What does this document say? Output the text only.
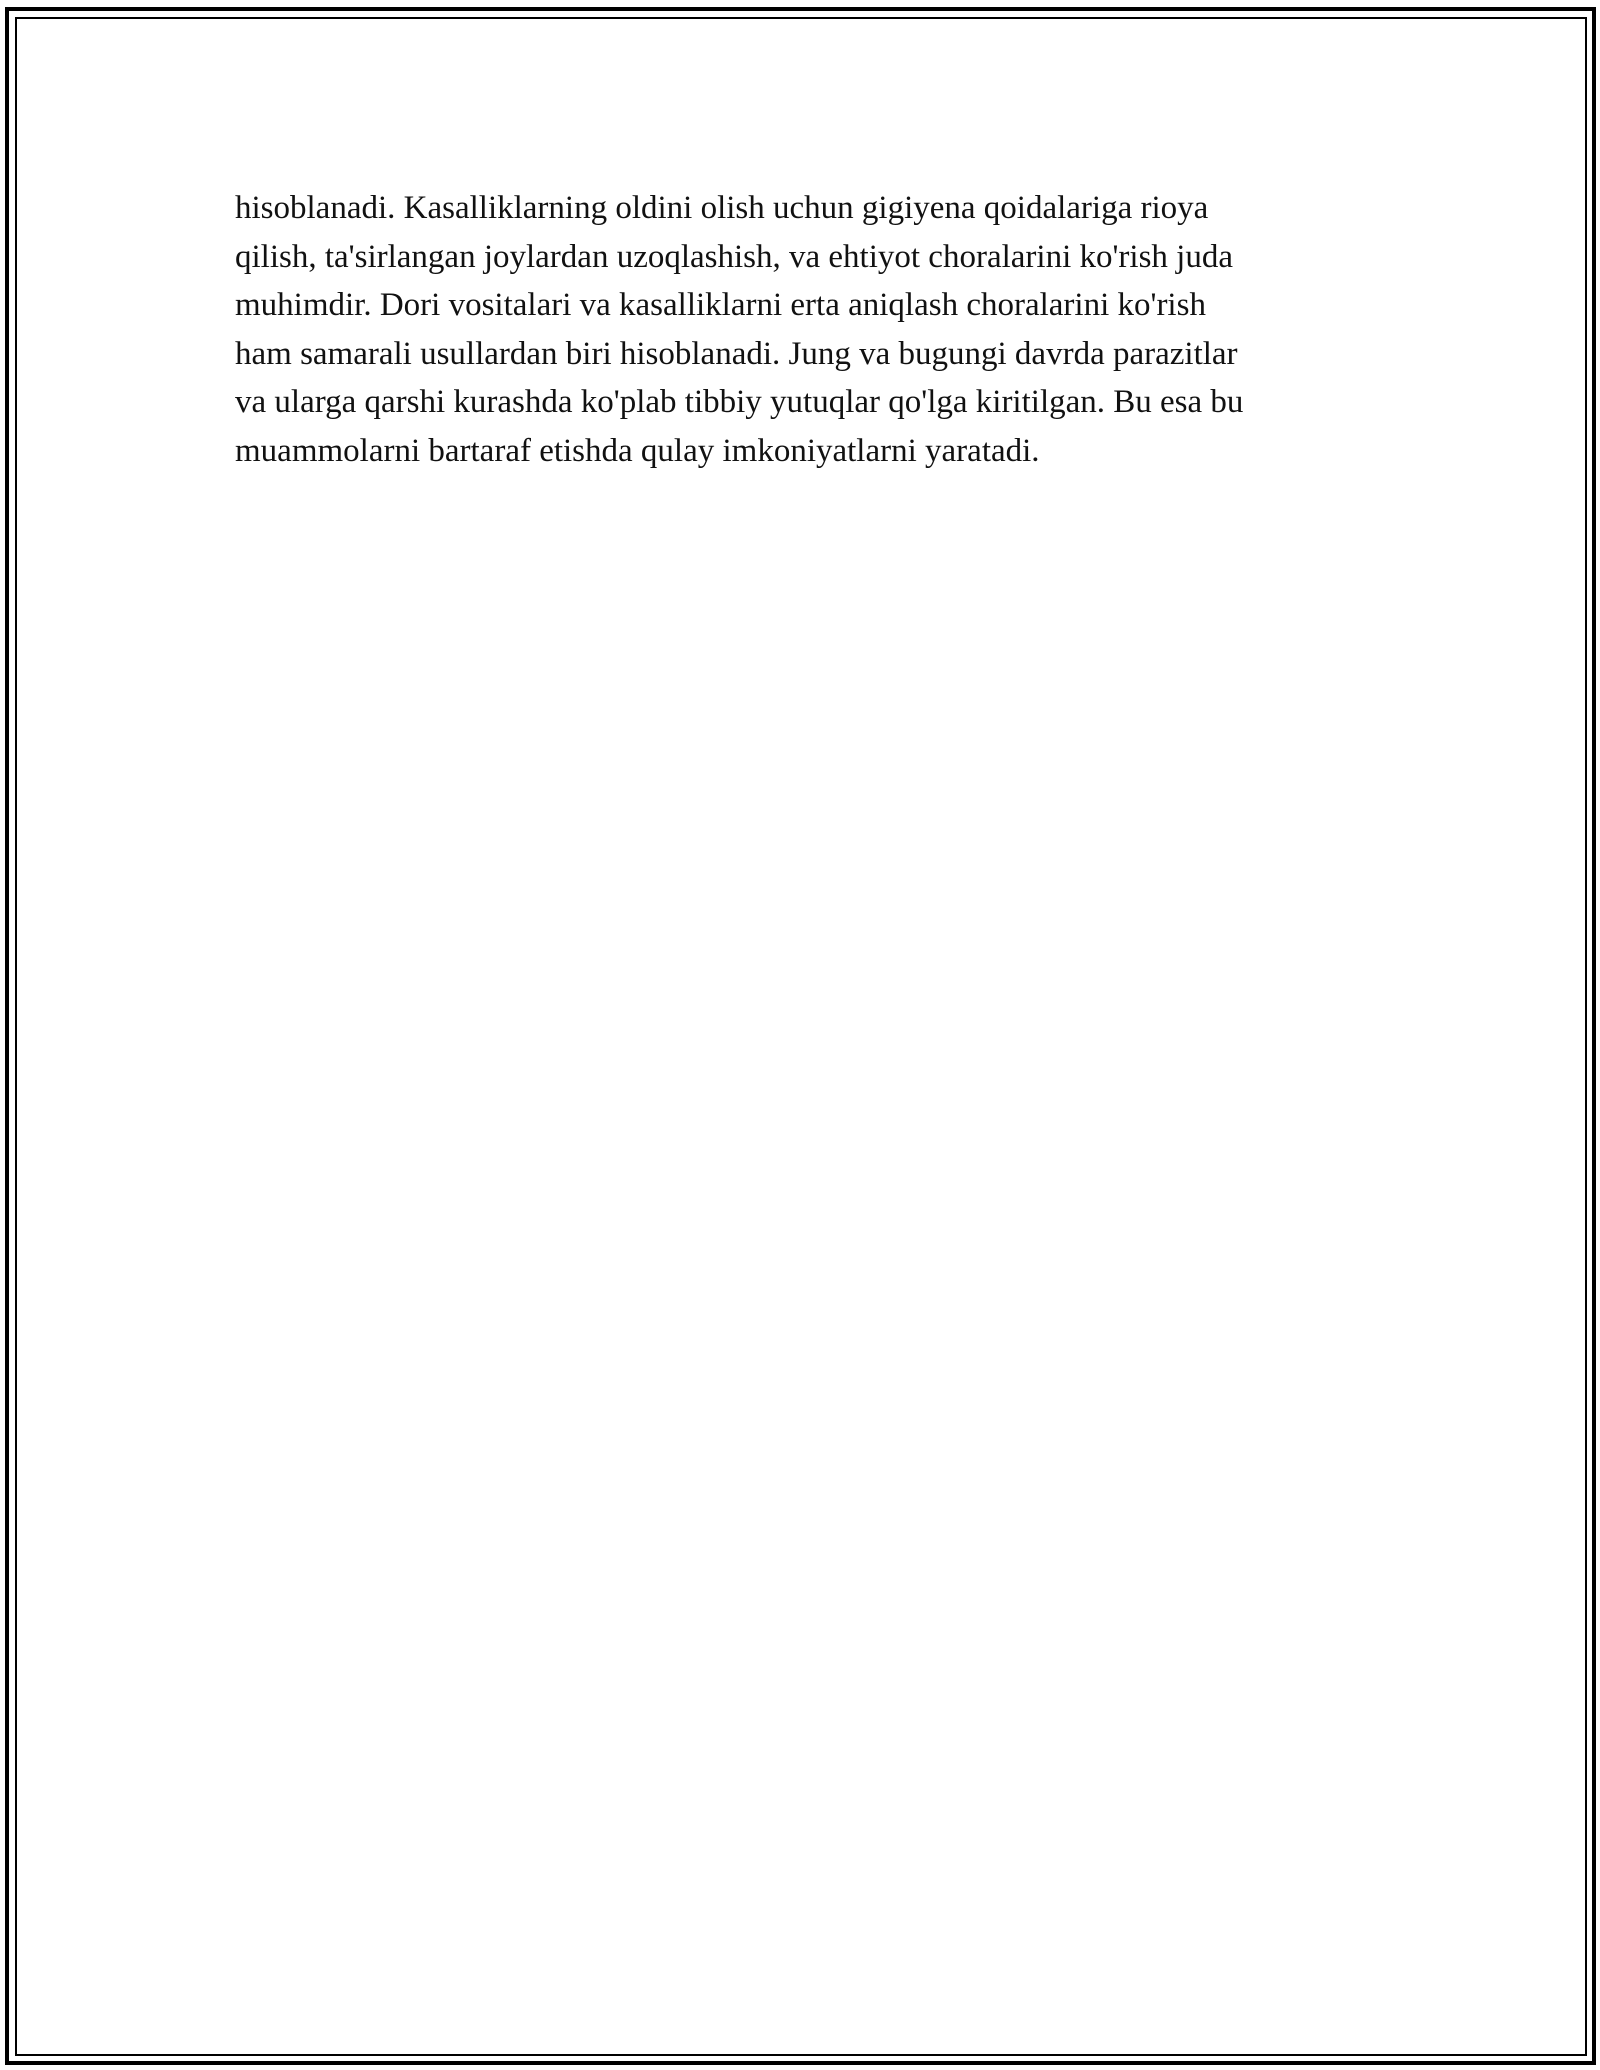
hisoblanadi. Kasalliklarning oldini olish uchun gigiyena qoidalariga rioya
qilish, ta'sirlangan joylardan uzoqlashish, va ehtiyot choralarini ko'rish juda
muhimdir. Dori vositalari va kasalliklarni erta aniqlash choralarini ko'rish
ham samarali usullardan biri hisoblanadi. Jung va bugungi davrda parazitlar
va ularga qarshi kurashda ko'plab tibbiy yutuqlar qo'lga kiritilgan. Bu esa bu
muammolarni bartaraf etishda qulay imkoniyatlarni yaratadi.
